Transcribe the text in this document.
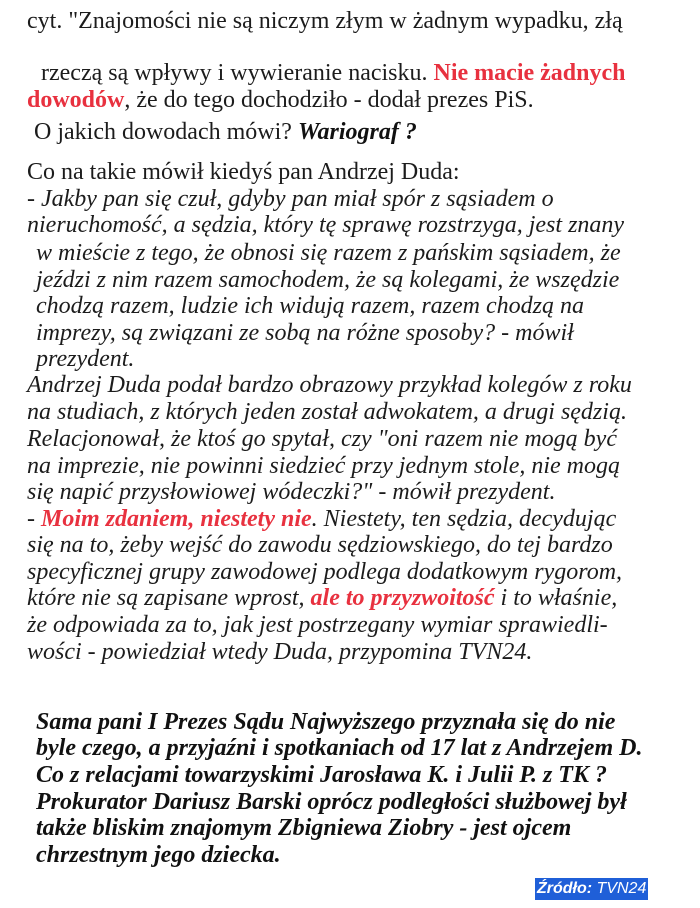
cyt. "Znajomości nie są niczym złym w żadnym wypadku, złą
rzeczą są wpływy i wywieranie nacisku. Nie macie żadnych
dowodów, że do tego dochodziło - dodał prezes PiS.
O jakich dowodach mówi? Wariograf ?
Co na takie mówił kiedyś pan Andrzej Duda:
- Jakby pan się czuł, gdyby pan miał spór z sąsiadem o
nieruchomość, a sędzia, który tę sprawę rozstrzyga, jest znany
w mieście z tego, że obnosi się razem z pańskim sąsiadem, że
jeździ z nim razem samochodem, że są kolegami, że wszędzie
chodzą razem, ludzie ich widują razem, razem chodzą na
imprezy, są związani ze sobą na różne sposoby? - mówił
prezydent.
Andrzej Duda podał bardzo obrazowy przykład kolegów z roku
na studiach, z których jeden został adwokatem, a drugi sędzią.
Relacjonował, że ktoś go spytał, czy "oni razem nie mogą być
na imprezie, nie powinni siedzieć przy jednym stole, nie mogą
się napić przysłowiowej wódeczki?" - mówił prezydent.
- Moim zdaniem, niestety nie. Niestety, ten sędzia, decydując
się na to, żeby wejść do zawodu sędziowskiego, do tej bardzo
specyficznej grupy zawodowej podlega dodatkowym rygorom,
które nie są zapisane wprost, ale to przyzwoitość i to właśnie,
że odpowiada za to, jak jest postrzegany wymiar sprawiedli-
wości - powiedział wtedy Duda, przypomina TVN24.
Sama pani I Prezes Sądu Najwyższego przyznała się do nie
byle czego, a przyjaźni i spotkaniach od 17 lat z Andrzejem D.
Co z relacjami towarzyskimi Jarosława K. i Julii P. z TK ?
Prokurator Dariusz Barski oprócz podległości służbowej był
także bliskim znajomym Zbigniewa Ziobry - jest ojcem
chrzestnym jego dziecka.
Źródło: TVN24
